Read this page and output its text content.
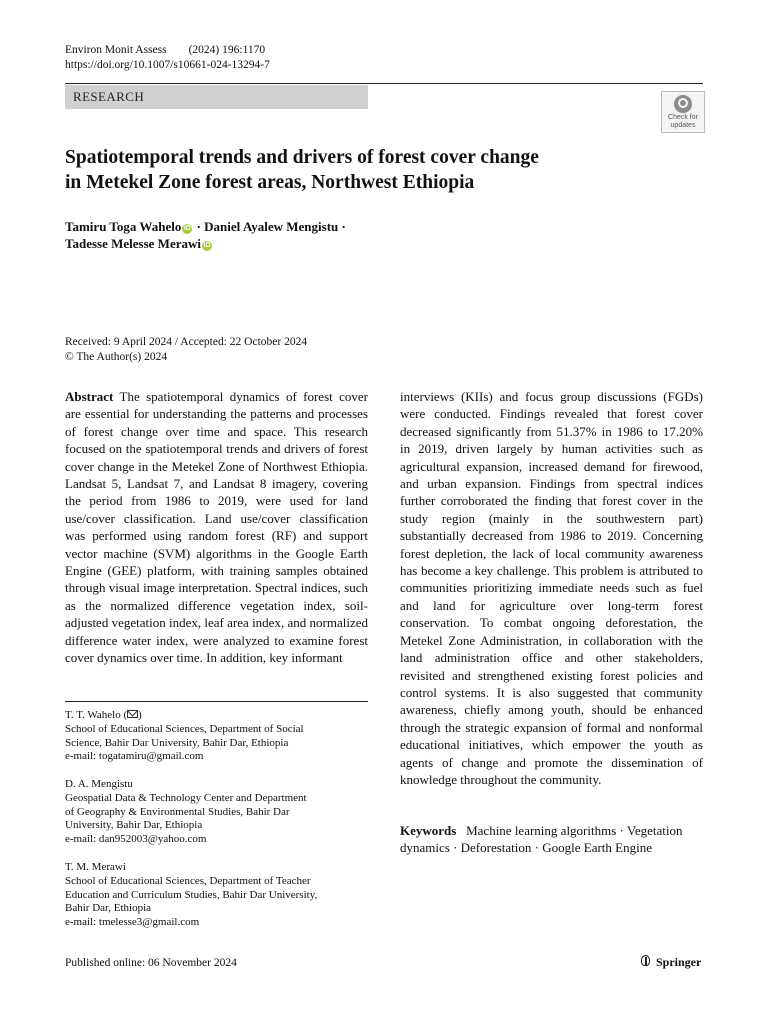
Environ Monit Assess (2024) 196:1170
https://doi.org/10.1007/s10661-024-13294-7
RESEARCH
Check for
updates
Spatiotemporal trends and drivers of forest cover change
in Metekel Zone forest areas, Northwest Ethiopia
Tamiru Toga Wahelo iD · Daniel Ayalew Mengistu ·
Tadesse Melesse Merawi iD
Received: 9 April 2024 / Accepted: 22 October 2024
© The Author(s) 2024
Abstract The spatiotemporal dynamics of forest cover are essential for understanding the patterns and processes of forest change over time and space. This research focused on the spatiotemporal trends and drivers of forest cover change in the Metekel Zone of Northwest Ethiopia. Landsat 5, Landsat 7, and Landsat 8 imagery, covering the period from 1986 to 2019, were used for land use/cover classification. Land use/cover classification was performed using random forest (RF) and support vector machine (SVM) algorithms in the Google Earth Engine (GEE) platform, with training samples obtained through visual image interpretation. Spectral indices, such as the normalized difference vegetation index, soil-adjusted vegetation index, leaf area index, and normalized difference water index, were analyzed to examine forest cover dynamics over time. In addition, key informant
interviews (KIIs) and focus group discussions (FGDs) were conducted. Findings revealed that forest cover decreased significantly from 51.37% in 1986 to 17.20% in 2019, driven largely by human activities such as agricultural expansion, increased demand for firewood, and urban expansion. Findings from spectral indices further corroborated the finding that forest cover in the study region (mainly in the southwestern part) substantially decreased from 1986 to 2019. Concerning forest depletion, the lack of local community awareness has become a key challenge. This problem is attributed to communities prioritizing immediate needs such as fuel and land for agriculture over long-term forest conservation. To combat ongoing deforestation, the Metekel Zone Administration, in collaboration with the land administration office and other stakeholders, revisited and strengthened existing forest policies and control systems. It is also suggested that community awareness, chiefly among youth, should be enhanced through the strategic expansion of formal and nonformal educational initiatives, which empower the youth as agents of change and promote the dissemination of knowledge throughout the community.
Keywords Machine learning algorithms · Vegetation dynamics · Deforestation · Google Earth Engine
T. T. Wahelo ( )
School of Educational Sciences, Department of Social
Science, Bahir Dar University, Bahir Dar, Ethiopia
e-mail: togatamiru@gmail.com
D. A. Mengistu
Geospatial Data & Technology Center and Department
of Geography & Environmental Studies, Bahir Dar
University, Bahir Dar, Ethiopia
e-mail: dan952003@yahoo.com
T. M. Merawi
School of Educational Sciences, Department of Teacher
Education and Curriculum Studies, Bahir Dar University,
Bahir Dar, Ethiopia
e-mail: tmelesse3@gmail.com
Published online: 06 November 2024	Springer
